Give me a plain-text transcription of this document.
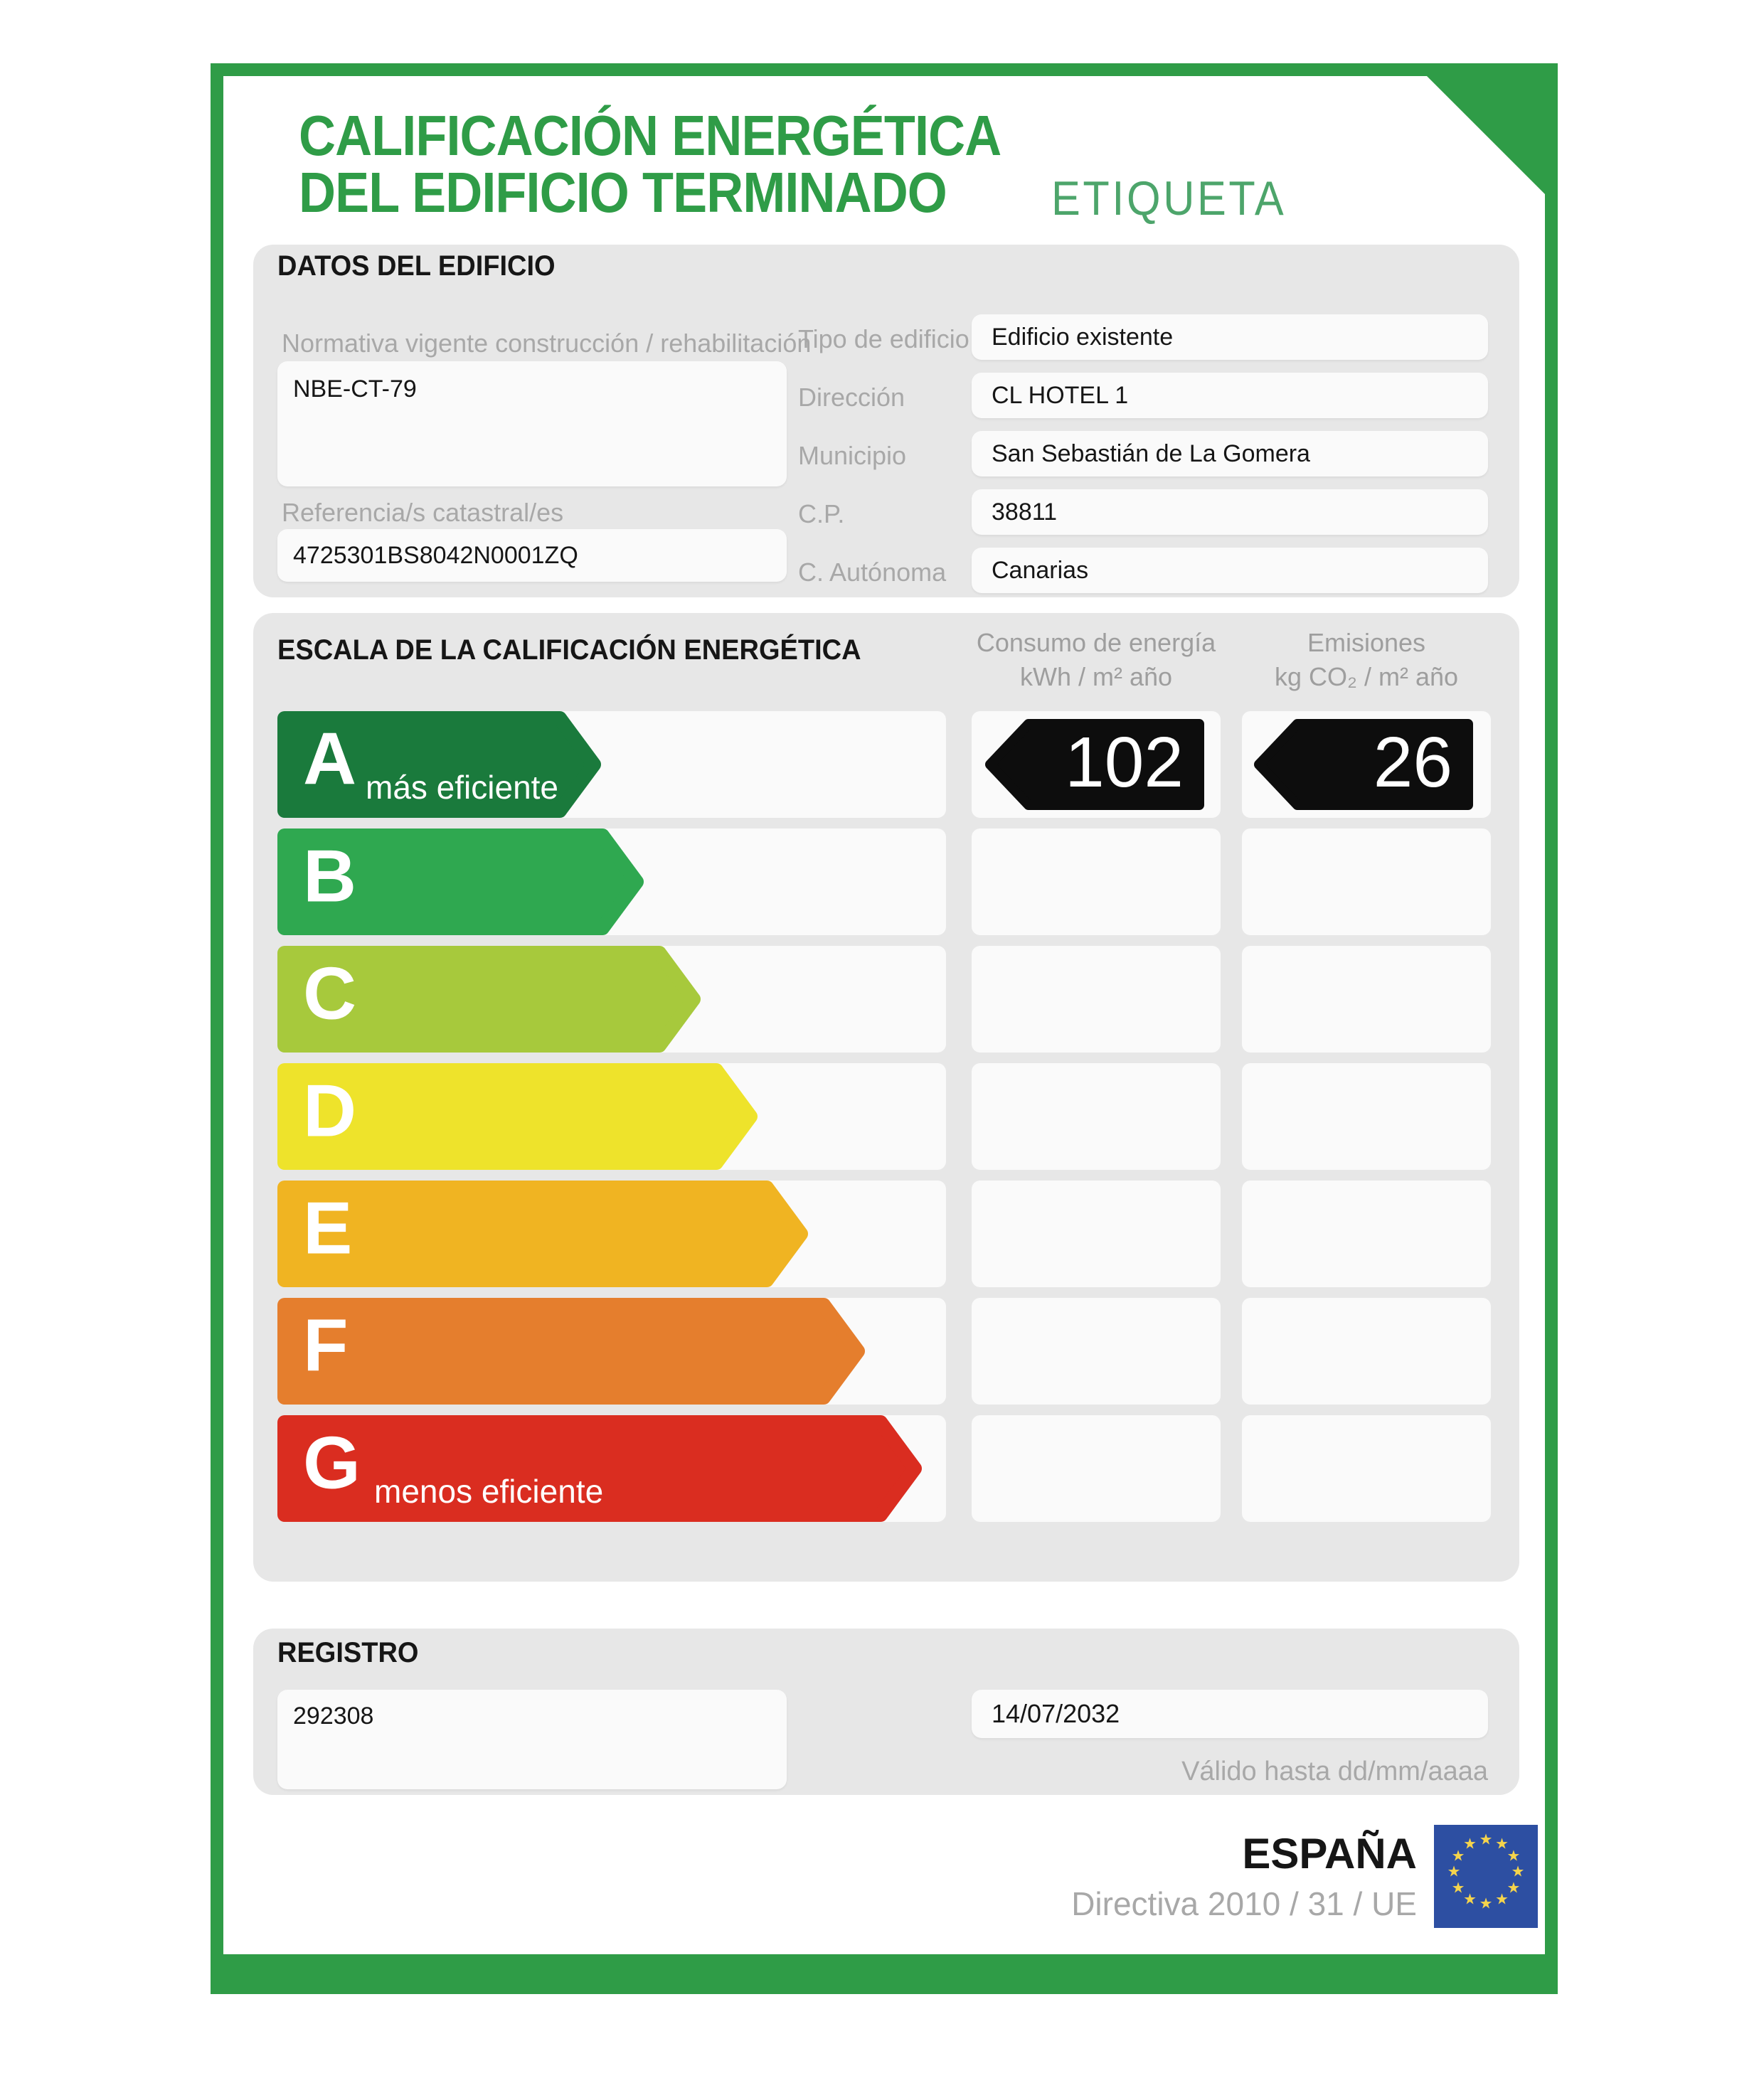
CALIFICACIÓN ENERGÉTICA
DEL EDIFICIO TERMINADO ETIQUETA
DATOS DEL EDIFICIO
Normativa vigente construcción / rehabilitación
NBE-CT-79
Referencia/s catastral/es
4725301BS8042N0001ZQ
Tipo de edificio Edificio existente
Dirección	CL HOTEL 1
Municipio	San Sebastián de La Gomera
C.P.	38811
C. Autónoma	Canarias
ESCALA DE LA CALIFICACIÓN ENERGÉTICA	Consumo de energía
kWh / m² año
Emisiones
kg CO₂ / m² año
A más eficiente	102	26
B
C
D
E
F
G menos eficiente
REGISTRO
292308	14/07/2032
Válido hasta dd/mm/aaaa
ESPAÑA
Directiva 2010 / 31 / UE
★ ★
★
★
★
★
★
★
★
★
★
★
